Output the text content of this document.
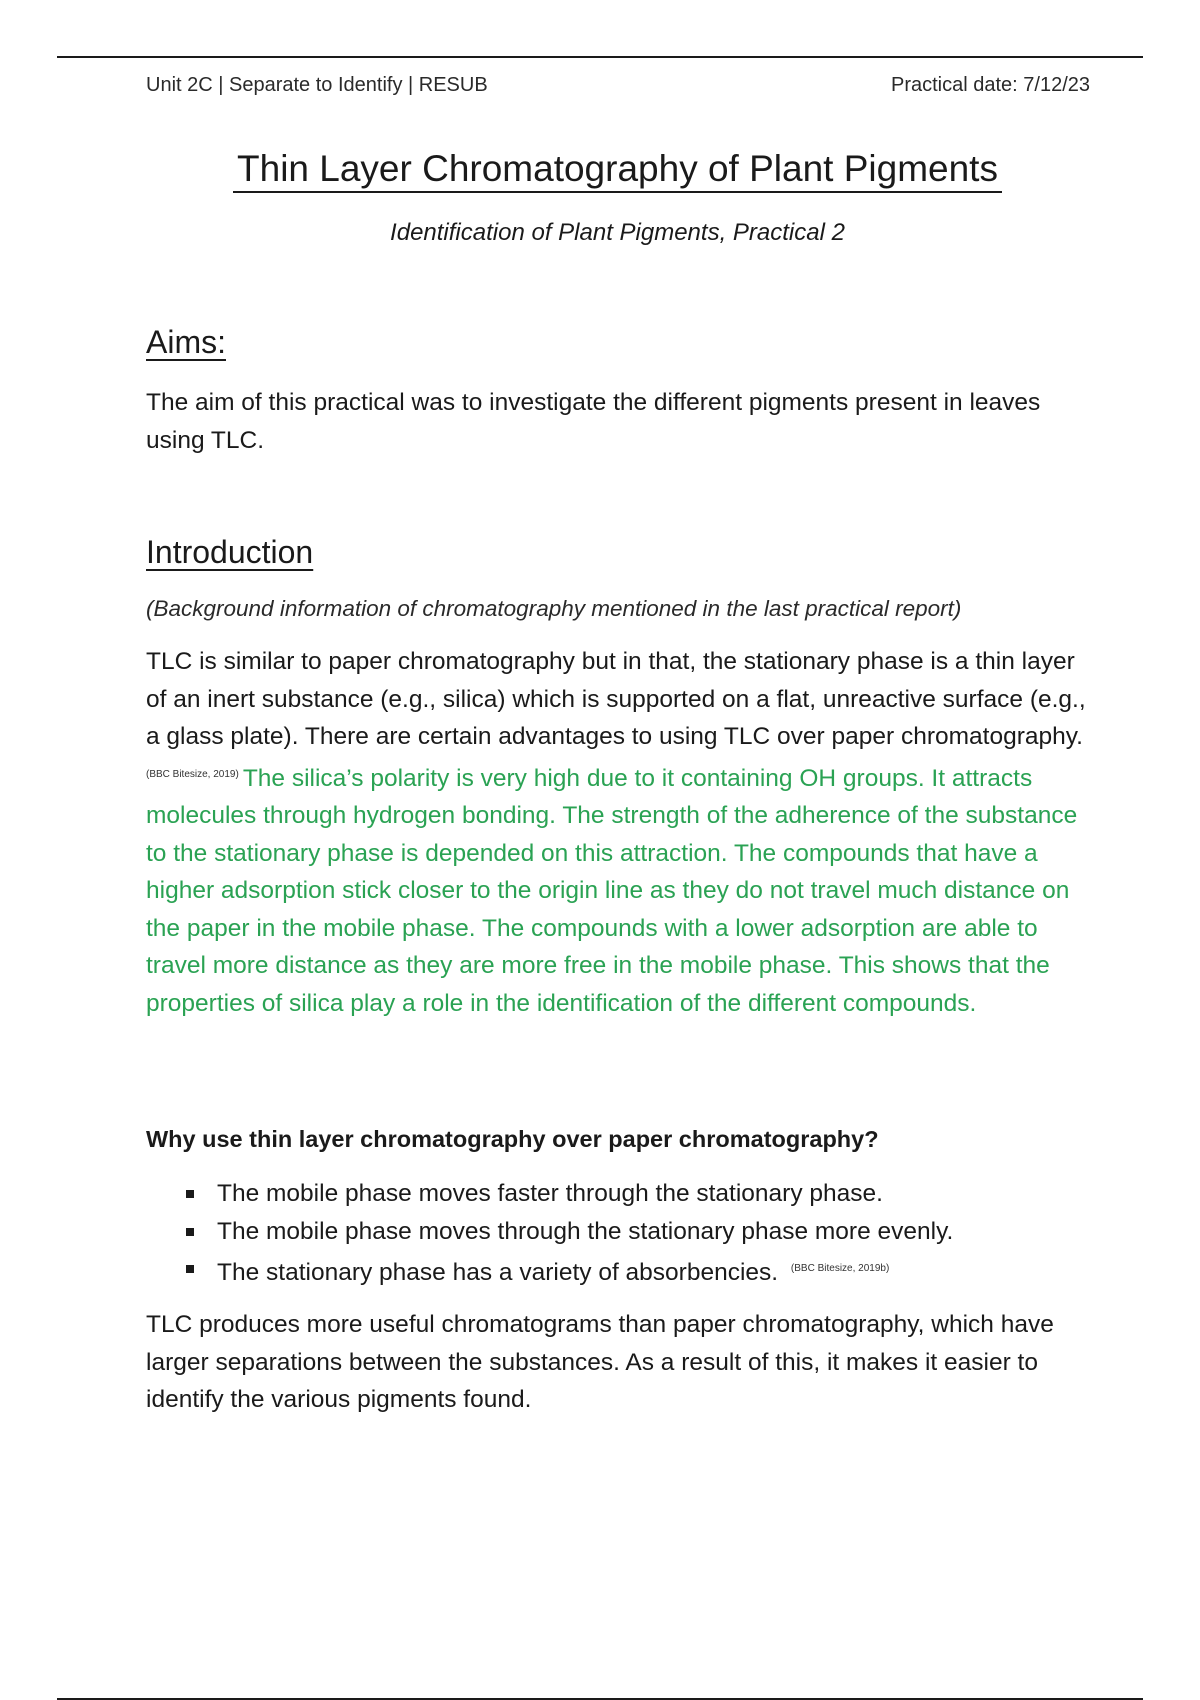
Unit 2C | Separate to Identify | RESUB	Practical date: 7/12/23
Thin Layer Chromatography of Plant Pigments
Identification of Plant Pigments, Practical 2
Aims:
The aim of this practical was to investigate the different pigments present in leaves using TLC.
Introduction
(Background information of chromatography mentioned in the last practical report)
TLC is similar to paper chromatography but in that, the stationary phase is a thin layer of an inert substance (e.g., silica) which is supported on a flat, unreactive surface (e.g., a glass plate). There are certain advantages to using TLC over paper chromatography. $^{(BBC Bitesize, 2019)}$ The silica’s polarity is very high due to it containing OH groups. It attracts molecules through hydrogen bonding. The strength of the adherence of the substance to the stationary phase is depended on this attraction. The compounds that have a higher adsorption stick closer to the origin line as they do not travel much distance on the paper in the mobile phase. The compounds with a lower adsorption are able to travel more distance as they are more free in the mobile phase. This shows that the properties of silica play a role in the identification of the different compounds.
Why use thin layer chromatography over paper chromatography?
The mobile phase moves faster through the stationary phase.
The mobile phase moves through the stationary phase more evenly.
The stationary phase has a variety of absorbencies. $^{(BBC Bitesize, 2019b)}$
TLC produces more useful chromatograms than paper chromatography, which have larger separations between the substances. As a result of this, it makes it easier to identify the various pigments found.
